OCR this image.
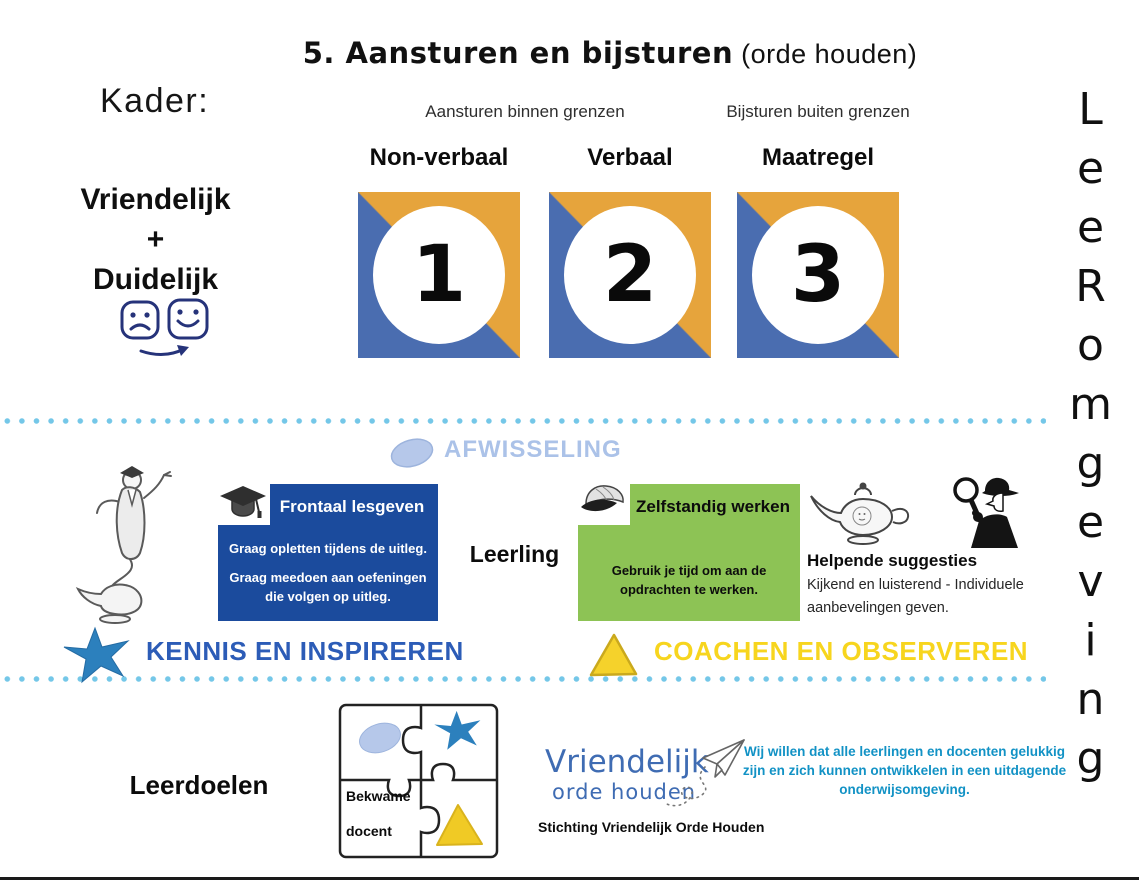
5. Aansturen en bijsturen (orde houden)
Kader:	Aansturen binnen grenzen	Bijsturen buiten grenzen
Non-verbaal	Verbaal	Maatregel
1 2 3
Vriendelijk
+
Duidelijk	LeeRomgeving
AFWISSELING
Frontaal lesgeven

Graag opletten tijdens de uitleg.

Graag meedoen aan oefeningen die volgen op uitleg.

Leerling
Zelfstandig werken

Gebruik je tijd om aan de opdrachten te werken.

Helpende suggesties
Kijkend en luisterend - Individuele
aanbevelingen geven.
KENNIS EN INSPIREREN	COACHEN EN OBSERVEREN
Leerdoelen	Bekwame
docent
Vriendelijk
orde houden
Stichting Vriendelijk Orde Houden
Wij willen dat alle leerlingen en docenten gelukkig zijn en zich kunnen ontwikkelen in een uitdagende onderwijsomgeving.
